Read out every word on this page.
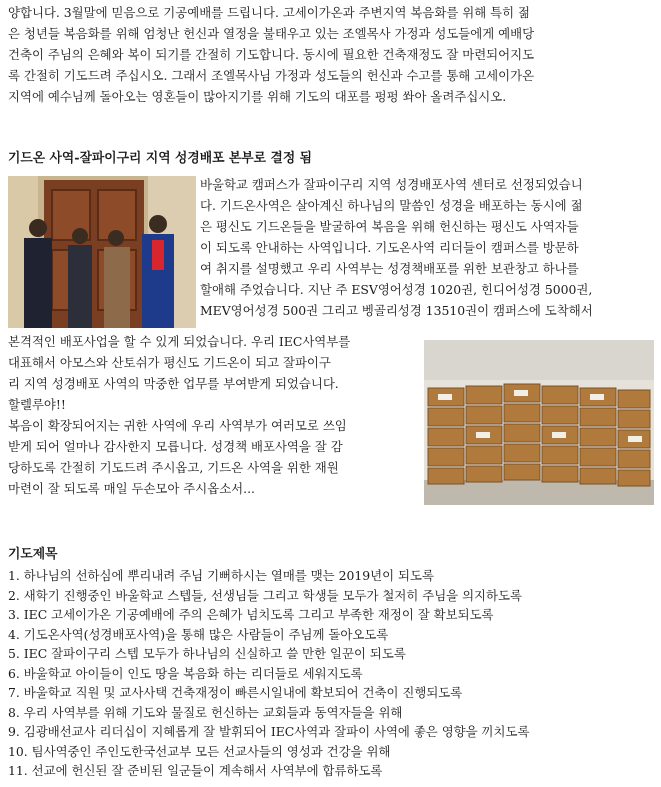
양합니다. 3월말에 믿음으로 기공예배를 드립니다. 고세이가온과 주변지역 복음화를 위해 특히 젊
은 청년들 복음화를 위해 엄청난 헌신과 열정을 불태우고 있는 조엘목사 가정과 성도들에게 예배당
건축이 주님의 은혜와 복이 되기를 간절히 기도합니다. 동시에 필요한 건축재정도 잘 마련되어지도
록 간절히 기도드려 주십시오. 그래서 조엘목사님 가정과 성도들의 헌신과 수고를 통해 고세이가온
지역에 예수님께 돌아오는 영혼들이 많아지기를 위해 기도의 대포를 펑펑 쏴아 올려주십시오.
기드온 사역-잘파이구리 지역 성경배포 본부로 결정 됨
바울학교 캠퍼스가 잘파이구리 지역 성경배포사역 센터로 선정되었습니
다. 기드온사역은 살아계신 하나님의 말씀인 성경을 배포하는 동시에 젊
은 평신도 기드온들을 발굴하여 복음을 위해 헌신하는 평신도 사역자들
이 되도록 안내하는 사역입니다. 기도온사역 리더들이 캠퍼스를 방문하
여 취지를 설명했고 우리 사역부는 성경책배포를 위한 보관창고 하나를
할애해 주었습니다. 지난 주 ESV영어성경 1020권, 힌디어성경 5000권,
MEV영어성경 500권 그리고 벵골리성경 13510권이 캠퍼스에 도착해서
본격적인 배포사업을 할 수 있게 되었습니다. 우리 IEC사역부를
대표해서 아모스와 산토쉬가 평신도 기드온이 되고 잘파이구
리 지역 성경배포 사역의 막중한 업무를 부여받게 되었습니다.
할렐루야!!
복음이 확장되어지는 귀한 사역에 우리 사역부가 여러모로 쓰임
받게 되어 얼마나 감사한지 모릅니다. 성경책 배포사역을 잘 감
당하도록 간절히 기도드려 주시옵고, 기드온 사역을 위한 재원
마련이 잘 되도록 매일 두손모아 주시옵소서...
기도제목
1. 하나님의 선하심에 뿌리내려 주님 기뻐하시는 열매를 맺는 2019년이 되도록
2. 새학기 진행중인 바울학교 스텝들, 선생님들 그리고 학생들 모두가 철저히 주님을 의지하도록
3. IEC 고세이가온 기공예배에 주의 은혜가 넘치도록 그리고 부족한 재정이 잘 확보되도록
4. 기도온사역(성경배포사역)을 통해 많은 사람들이 주님께 돌아오도록
5. IEC 잘파이구리 스텝 모두가 하나님의 신실하고 쓸 만한 일꾼이 되도록
6. 바울학교 아이들이 인도 땅을 복음화 하는 리더들로 세워지도록
7. 바울학교 직원 및 교사사택 건축재정이 빠른시일내에 확보되어 건축이 진행되도록
8. 우리 사역부를 위해 기도와 물질로 헌신하는 교회들과 동역자들을 위해
9. 김광배선교사 리더십이 지혜롭게 잘 발휘되어 IEC사역과 잘파이 사역에 좋은 영향을 끼치도록
10. 팀사역중인 주인도한국선교부 모든 선교사들의 영성과 건강을 위해
11. 선교에 헌신된 잘 준비된 일군들이 계속해서 사역부에 합류하도록
